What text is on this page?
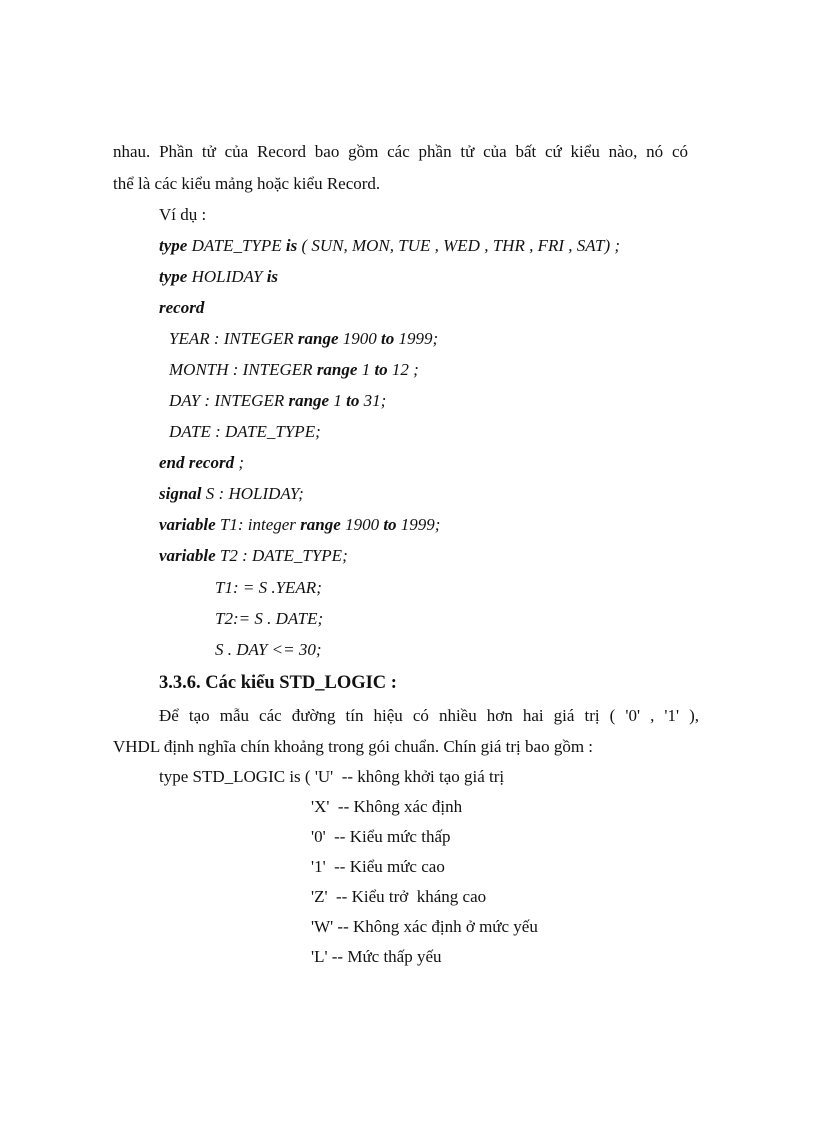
nhau. Phần tử của Record bao gồm các phần tử của bất cứ kiểu nào, nó có
thể là các kiểu mảng hoặc kiểu Record.
Ví dụ :
type DATE_TYPE is ( SUN, MON, TUE , WED , THR , FRI , SAT) ;
type HOLIDAY is
record
YEAR : INTEGER range 1900 to 1999;
MONTH : INTEGER range 1 to 12 ;
DAY : INTEGER range 1 to 31;
DATE : DATE_TYPE;
end record ;
signal S : HOLIDAY;
variable T1: integer range 1900 to 1999;
variable T2 : DATE_TYPE;
T1: = S .YEAR;
T2:= S . DATE;
S . DAY <= 30;
3.3.6. Các kiểu STD_LOGIC :
Để tạo mẫu các đường tín hiệu có nhiều hơn hai giá trị ( '0' , '1' ),
VHDL định nghĩa chín khoảng trong gói chuẩn. Chín giá trị bao gồm :
type STD_LOGIC is ( 'U'  -- không khởi tạo giá trị
'X'  -- Không xác định
'0'  -- Kiểu mức thấp
'1'  -- Kiểu mức cao
'Z'  -- Kiểu trở  kháng cao
'W' -- Không xác định ở mức yếu
'L' -- Mức thấp yếu
